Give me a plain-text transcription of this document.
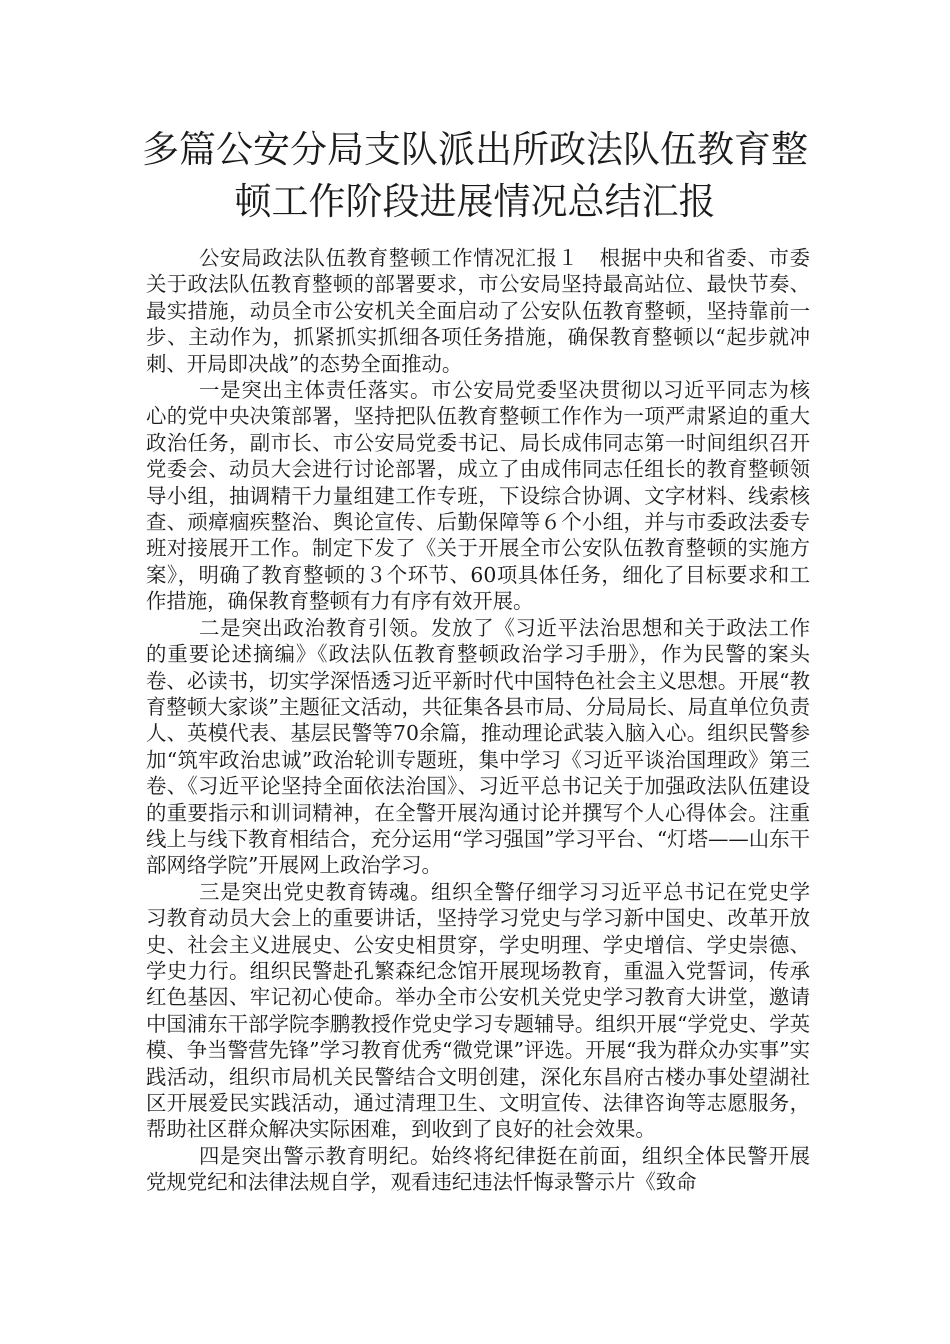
多篇公安分局支队派出所政法队伍教育整顿工作阶段进展情况总结汇报

公安局政法队伍教育整顿工作情况汇报１　根据中央和省委、市委关于政法队伍教育整顿的部署要求，市公安局坚持最高站位、最快节奏、最实措施，动员全市公安机关全面启动了公安队伍教育整顿，坚持靠前一步、主动作为，抓紧抓实抓细各项任务措施，确保教育整顿以“起步就冲刺、开局即决战”的态势全面推动。

一是突出主体责任落实。市公安局党委坚决贯彻以习近平同志为核心的党中央决策部署，坚持把队伍教育整顿工作作为一项严肃紧迫的重大政治任务，副市长、市公安局党委书记、局长成伟同志第一时间组织召开党委会、动员大会进行讨论部署，成立了由成伟同志任组长的教育整顿领导小组，抽调精干力量组建工作专班，下设综合协调、文字材料、线索核查、顽瘴痼疾整治、舆论宣传、后勤保障等６个小组，并与市委政法委专班对接展开工作。制定下发了《关于开展全市公安队伍教育整顿的实施方案》，明确了教育整顿的３个环节、60项具体任务，细化了目标要求和工作措施，确保教育整顿有力有序有效开展。

二是突出政治教育引领。发放了《习近平法治思想和关于政法工作的重要论述摘编》《政法队伍教育整顿政治学习手册》，作为民警的案头卷、必读书，切实学深悟透习近平新时代中国特色社会主义思想。开展“教育整顿大家谈”主题征文活动，共征集各县市局、分局局长、局直单位负责人、英模代表、基层民警等70余篇，推动理论武装入脑入心。组织民警参加“筑牢政治忠诚”政治轮训专题班，集中学习《习近平谈治国理政》第三卷、《习近平论坚持全面依法治国》、习近平总书记关于加强政法队伍建设的重要指示和训词精神，在全警开展沟通讨论并撰写个人心得体会。注重线上与线下教育相结合，充分运用“学习强国”学习平台、“灯塔——山东干部网络学院”开展网上政治学习。

三是突出党史教育铸魂。组织全警仔细学习习近平总书记在党史学习教育动员大会上的重要讲话，坚持学习党史与学习新中国史、改革开放史、社会主义进展史、公安史相贯穿，学史明理、学史增信、学史崇德、学史力行。组织民警赴孔繁森纪念馆开展现场教育，重温入党誓词，传承红色基因、牢记初心使命。举办全市公安机关党史学习教育大讲堂，邀请中国浦东干部学院李鹏教授作党史学习专题辅导。组织开展“学党史、学英模、争当警营先锋”学习教育优秀“微党课”评选。开展“我为群众办实事”实践活动，组织市局机关民警结合文明创建，深化东昌府古楼办事处望湖社区开展爱民实践活动，通过清理卫生、文明宣传、法律咨询等志愿服务，帮助社区群众解决实际困难，到收到了良好的社会效果。

四是突出警示教育明纪。始终将纪律挺在前面，组织全体民警开展党规党纪和法律法规自学，观看违纪违法忏悔录警示片《致命
